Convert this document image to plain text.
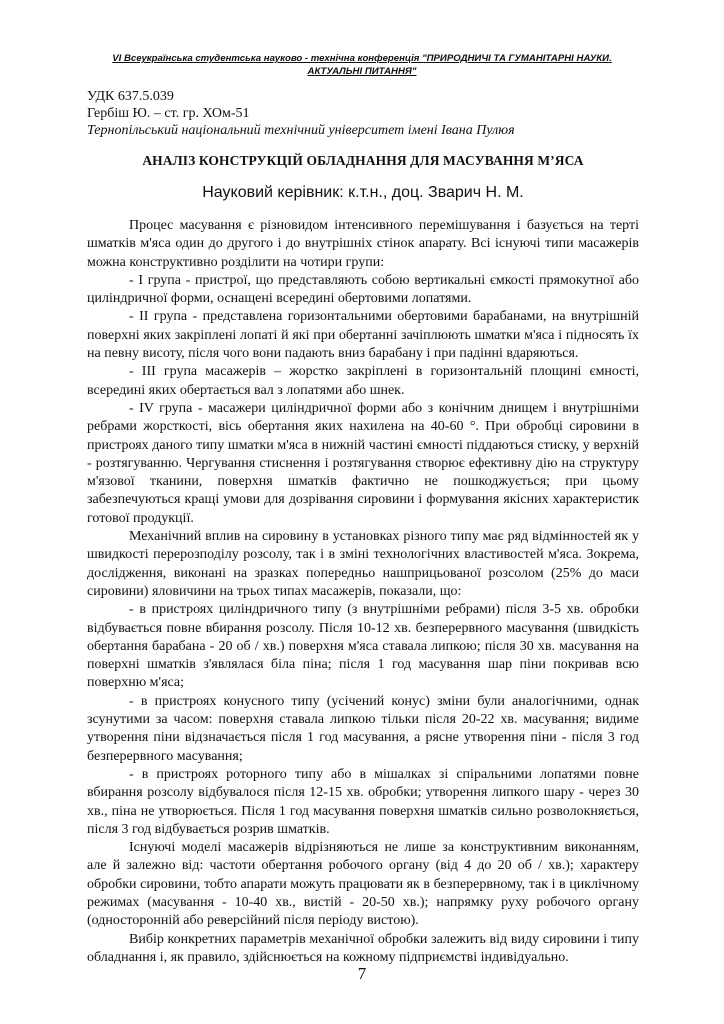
VI Всеукраїнська студентська науково - технічна конференція "ПРИРОДНИЧІ ТА ГУМАНІТАРНІ НАУКИ.
АКТУАЛЬНІ ПИТАННЯ"
УДК 637.5.039
Гербіш Ю. – ст. гр. ХОм-51
Тернопільський національний технічний університет імені Івана Пулюя
АНАЛІЗ КОНСТРУКЦІЙ ОБЛАДНАННЯ ДЛЯ МАСУВАННЯ М’ЯСА
Науковий керівник: к.т.н., доц. Зварич Н. М.

Процес масування є різновидом інтенсивного перемішування і базується на терті шматків м'яса один до другого і до внутрішніх стінок апарату. Всі існуючі типи масажерів можна конструктивно розділити на чотири групи:

- І група - пристрої, що представляють собою вертикальні ємкості прямокутної або циліндричної форми, оснащені всередині обертовими лопатями.

- ІІ група - представлена горизонтальними обертовими барабанами, на внутрішній поверхні яких закріплені лопаті й які при обертанні зачіплюють шматки м'яса і підносять їх на певну висоту, після чого вони падають вниз барабану і при падінні вдаряються.

- ІІІ група масажерів – жорстко закріплені в горизонтальній площині ємності, всередині яких обертається вал з лопатями або шнек.

- IV група - масажери циліндричної форми або з конічним днищем і внутрішніми ребрами жорсткості, вісь обертання яких нахилена на 40-60 °. При обробці сировини в пристроях даного типу шматки м'яса в нижній частині ємності піддаються стиску, у верхній - розтягуванню. Чергування стиснення і розтягування створює ефективну дію на структуру м'язової тканини, поверхня шматків фактично не пошкоджується; при цьому забезпечуються кращі умови для дозрівання сировини і формування якісних характеристик готової продукції.

Механічний вплив на сировину в установках різного типу має ряд відмінностей як у швидкості перерозподілу розсолу, так і в зміні технологічних властивостей м'яса. Зокрема, дослідження, виконані на зразках попередньо нашприцьованої розсолом (25% до маси сировини) яловичини на трьох типах масажерів, показали, що:

- в пристроях циліндричного типу (з внутрішніми ребрами) після 3-5 хв. обробки відбувається повне вбирання розсолу. Після 10-12 хв. безперервного масування (швидкість обертання барабана - 20 об / хв.) поверхня м'яса ставала липкою; після 30 хв. масування на поверхні шматків з'являлася біла піна; після 1 год масування шар піни покривав всю поверхню м'яса;

- в пристроях конусного типу (усічений конус) зміни були аналогічними, однак зсунутими за часом: поверхня ставала липкою тільки після 20-22 хв. масування; видиме утворення піни відзначається після 1 год масування, а рясне утворення піни - після 3 год безперервного масування;

- в пристроях роторного типу або в мішалках зі спіральними лопатями повне вбирання розсолу відбувалося після 12-15 хв. обробки; утворення липкого шару - через 30 хв., піна не утворюється. Після 1 год масування поверхня шматків сильно розволокняється, після 3 год відбувається розрив шматків.

Існуючі моделі масажерів відрізняються не лише за конструктивним виконанням, але й залежно від: частоти обертання робочого органу (від 4 до 20 об / хв.); характеру обробки сировини, тобто апарати можуть працювати як в безперервному, так і в циклічному режимах (масування - 10-40 хв., вистій - 20-50 хв.); напрямку руху робочого органу (односторонній або реверсійний після періоду вистою).

Вибір конкретних параметрів механічної обробки залежить від виду сировини і типу обладнання і, як правило, здійснюється на кожному підприємстві індивідуально.

7
